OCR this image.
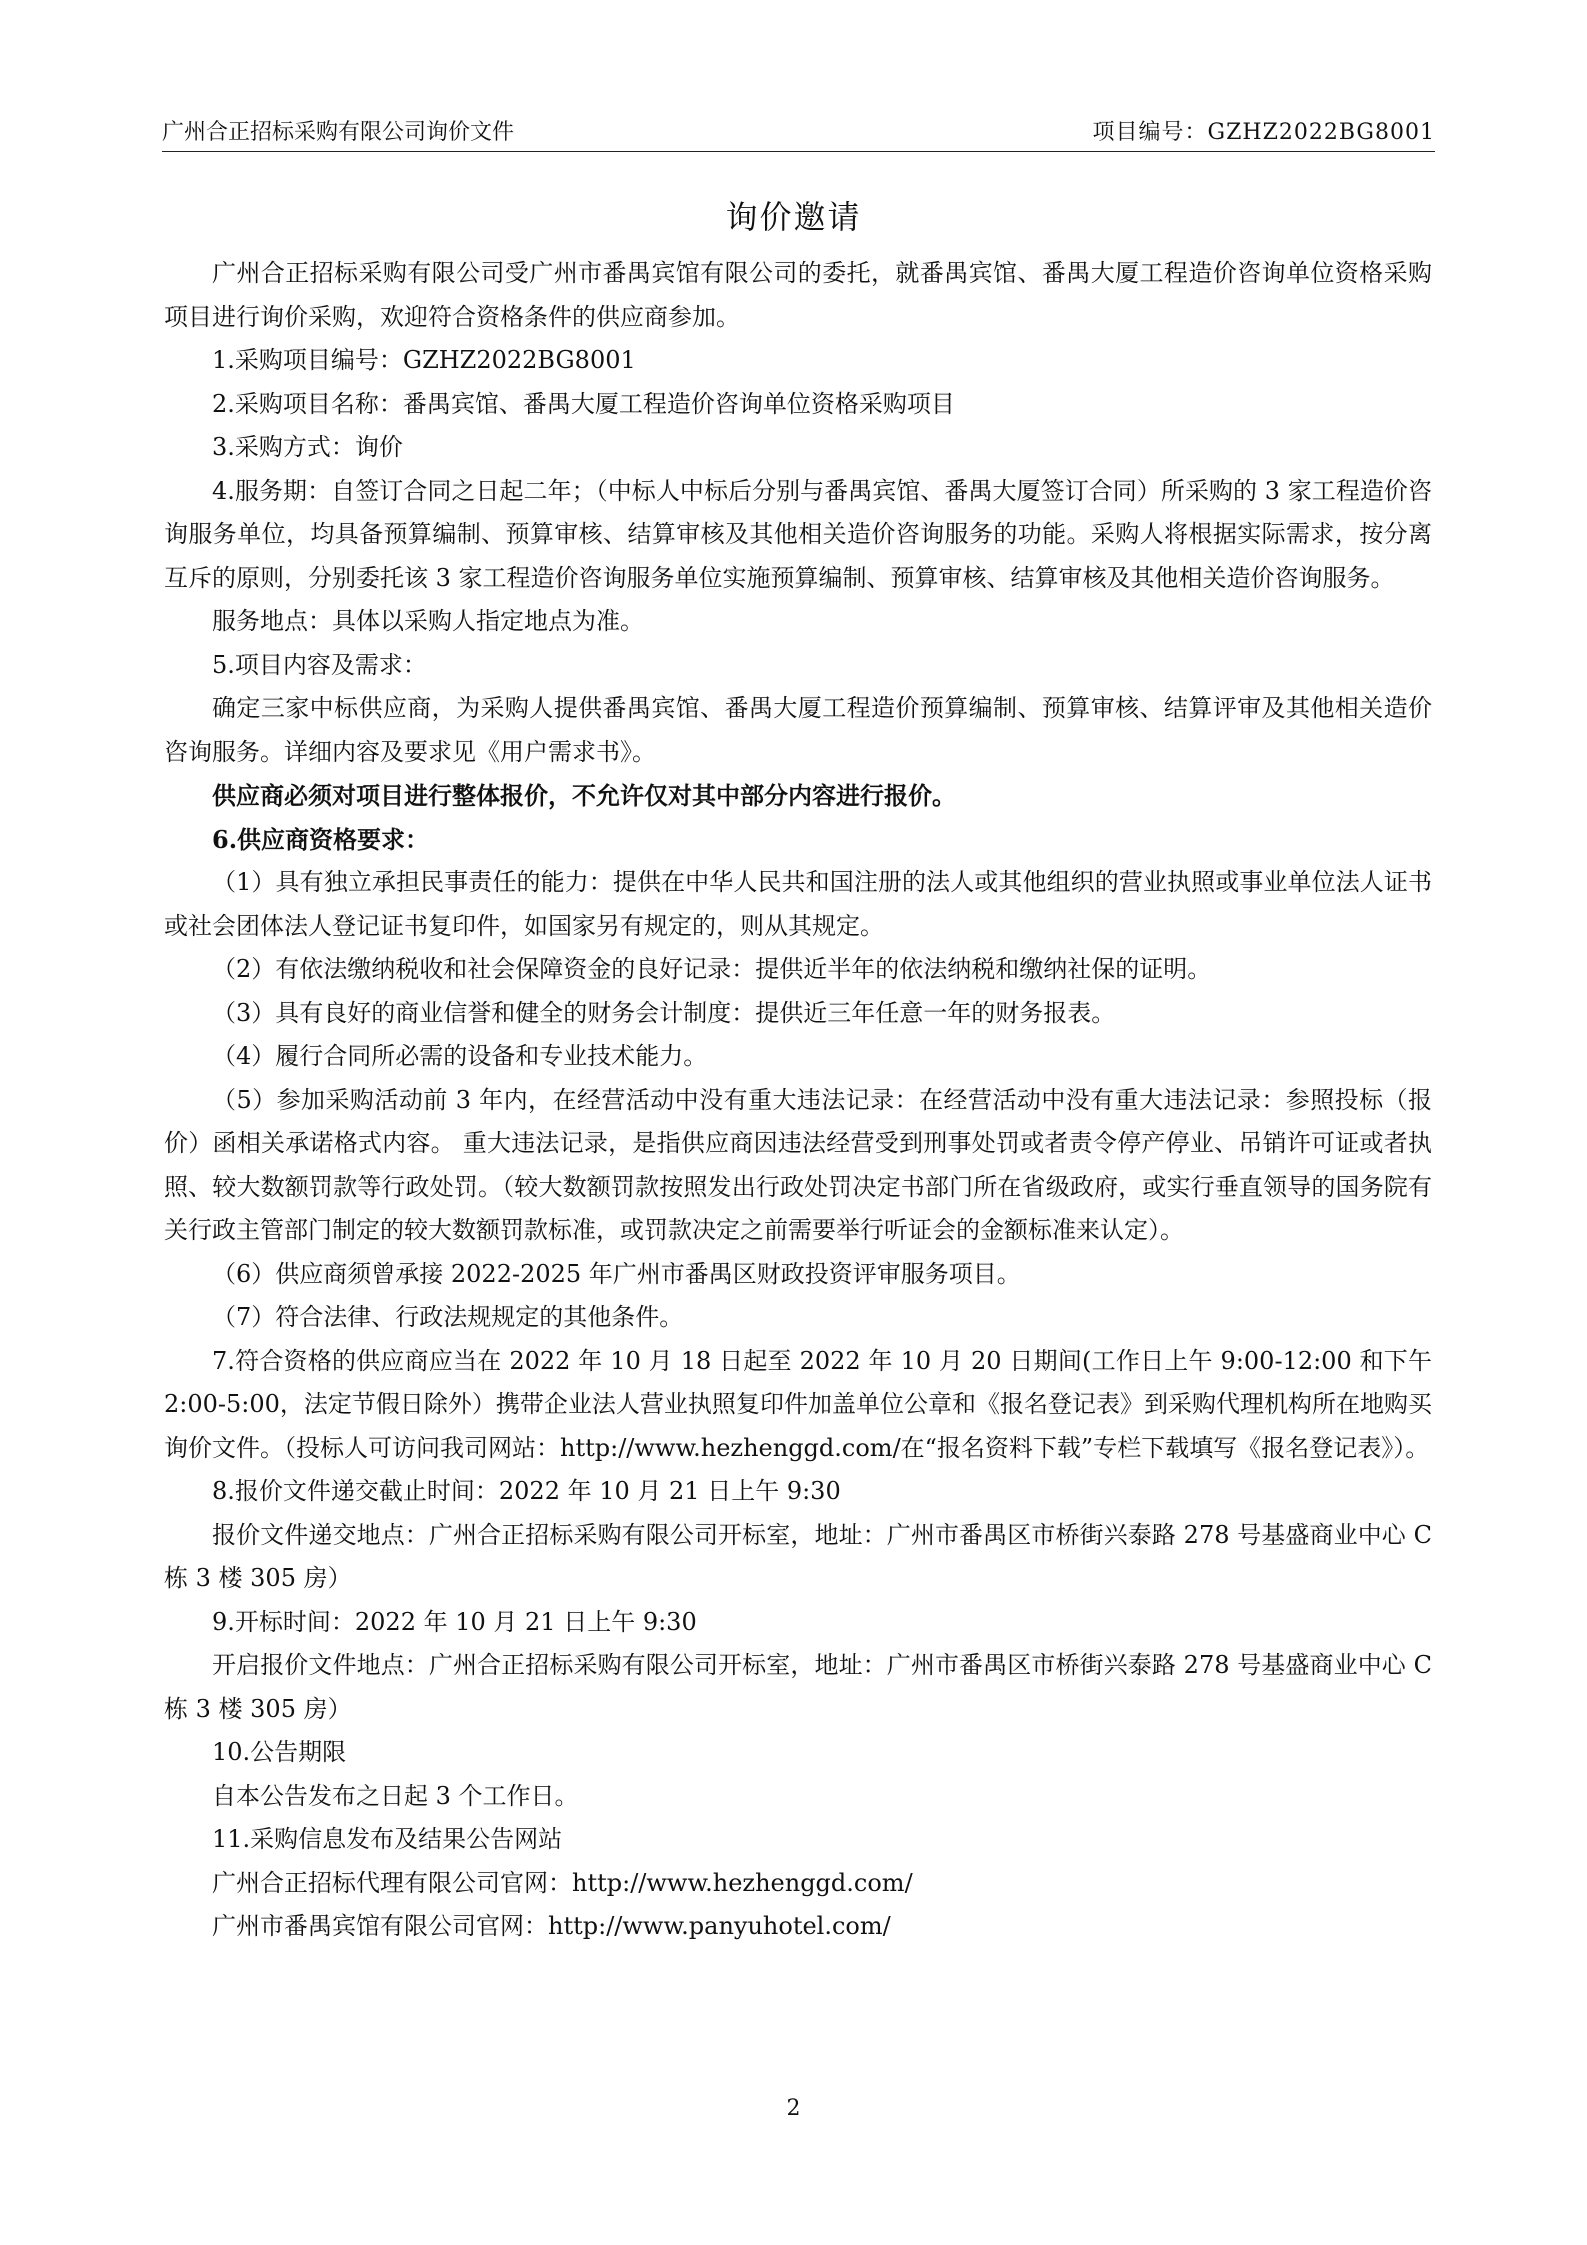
广州合正招标采购有限公司询价文件	项目编号：GZHZ2022BG8001
询价邀请

广州合正招标采购有限公司受广州市番禺宾馆有限公司的委托，就番禺宾馆、番禺大厦工程造价咨询单位资格采购项目进行询价采购，欢迎符合资格条件的供应商参加。

1.采购项目编号：GZHZ2022BG8001

2.采购项目名称：番禺宾馆、番禺大厦工程造价咨询单位资格采购项目

3.采购方式：询价

4.服务期：自签订合同之日起二年；（中标人中标后分别与番禺宾馆、番禺大厦签订合同）所采购的 3 家工程造价咨询服务单位，均具备预算编制、预算审核、结算审核及其他相关造价咨询服务的功能。采购人将根据实际需求，按分离互斥的原则，分别委托该 3 家工程造价咨询服务单位实施预算编制、预算审核、结算审核及其他相关造价咨询服务。

服务地点：具体以采购人指定地点为准。

5.项目内容及需求：

确定三家中标供应商，为采购人提供番禺宾馆、番禺大厦工程造价预算编制、预算审核、结算评审及其他相关造价咨询服务。详细内容及要求见《用户需求书》。

供应商必须对项目进行整体报价，不允许仅对其中部分内容进行报价。

6.供应商资格要求：

（1）具有独立承担民事责任的能力：提供在中华人民共和国注册的法人或其他组织的营业执照或事业单位法人证书或社会团体法人登记证书复印件，如国家另有规定的，则从其规定。

（2）有依法缴纳税收和社会保障资金的良好记录：提供近半年的依法纳税和缴纳社保的证明。

（3）具有良好的商业信誉和健全的财务会计制度：提供近三年任意一年的财务报表。

（4）履行合同所必需的设备和专业技术能力。

（5）参加采购活动前 3 年内，在经营活动中没有重大违法记录：在经营活动中没有重大违法记录：参照投标（报价）函相关承诺格式内容。 重大违法记录，是指供应商因违法经营受到刑事处罚或者责令停产停业、吊销许可证或者执照、较大数额罚款等行政处罚。（较大数额罚款按照发出行政处罚决定书部门所在省级政府，或实行垂直领导的国务院有关行政主管部门制定的较大数额罚款标准，或罚款决定之前需要举行听证会的金额标准来认定）。

（6）供应商须曾承接 2022-2025 年广州市番禺区财政投资评审服务项目。

（7）符合法律、行政法规规定的其他条件。

7.符合资格的供应商应当在 2022 年 10 月 18 日起至 2022 年 10 月 20 日期间(工作日上午 9:00-12:00 和下午 2:00-5:00，法定节假日除外）携带企业法人营业执照复印件加盖单位公章和《报名登记表》到采购代理机构所在地购买询价文件。（投标人可访问我司网站：http://www.hezhenggd.com/在“报名资料下载”专栏下载填写《报名登记表》）。

8.报价文件递交截止时间：2022 年 10 月 21 日上午 9:30

报价文件递交地点：广州合正招标采购有限公司开标室，地址：广州市番禺区市桥街兴泰路 278 号基盛商业中心 C 栋 3 楼 305 房）

9.开标时间：2022 年 10 月 21 日上午 9:30

开启报价文件地点：广州合正招标采购有限公司开标室，地址：广州市番禺区市桥街兴泰路 278 号基盛商业中心 C 栋 3 楼 305 房）

10.公告期限

自本公告发布之日起 3 个工作日。

11.采购信息发布及结果公告网站

广州合正招标代理有限公司官网：http://www.hezhenggd.com/

广州市番禺宾馆有限公司官网：http://www.panyuhotel.com/

2
